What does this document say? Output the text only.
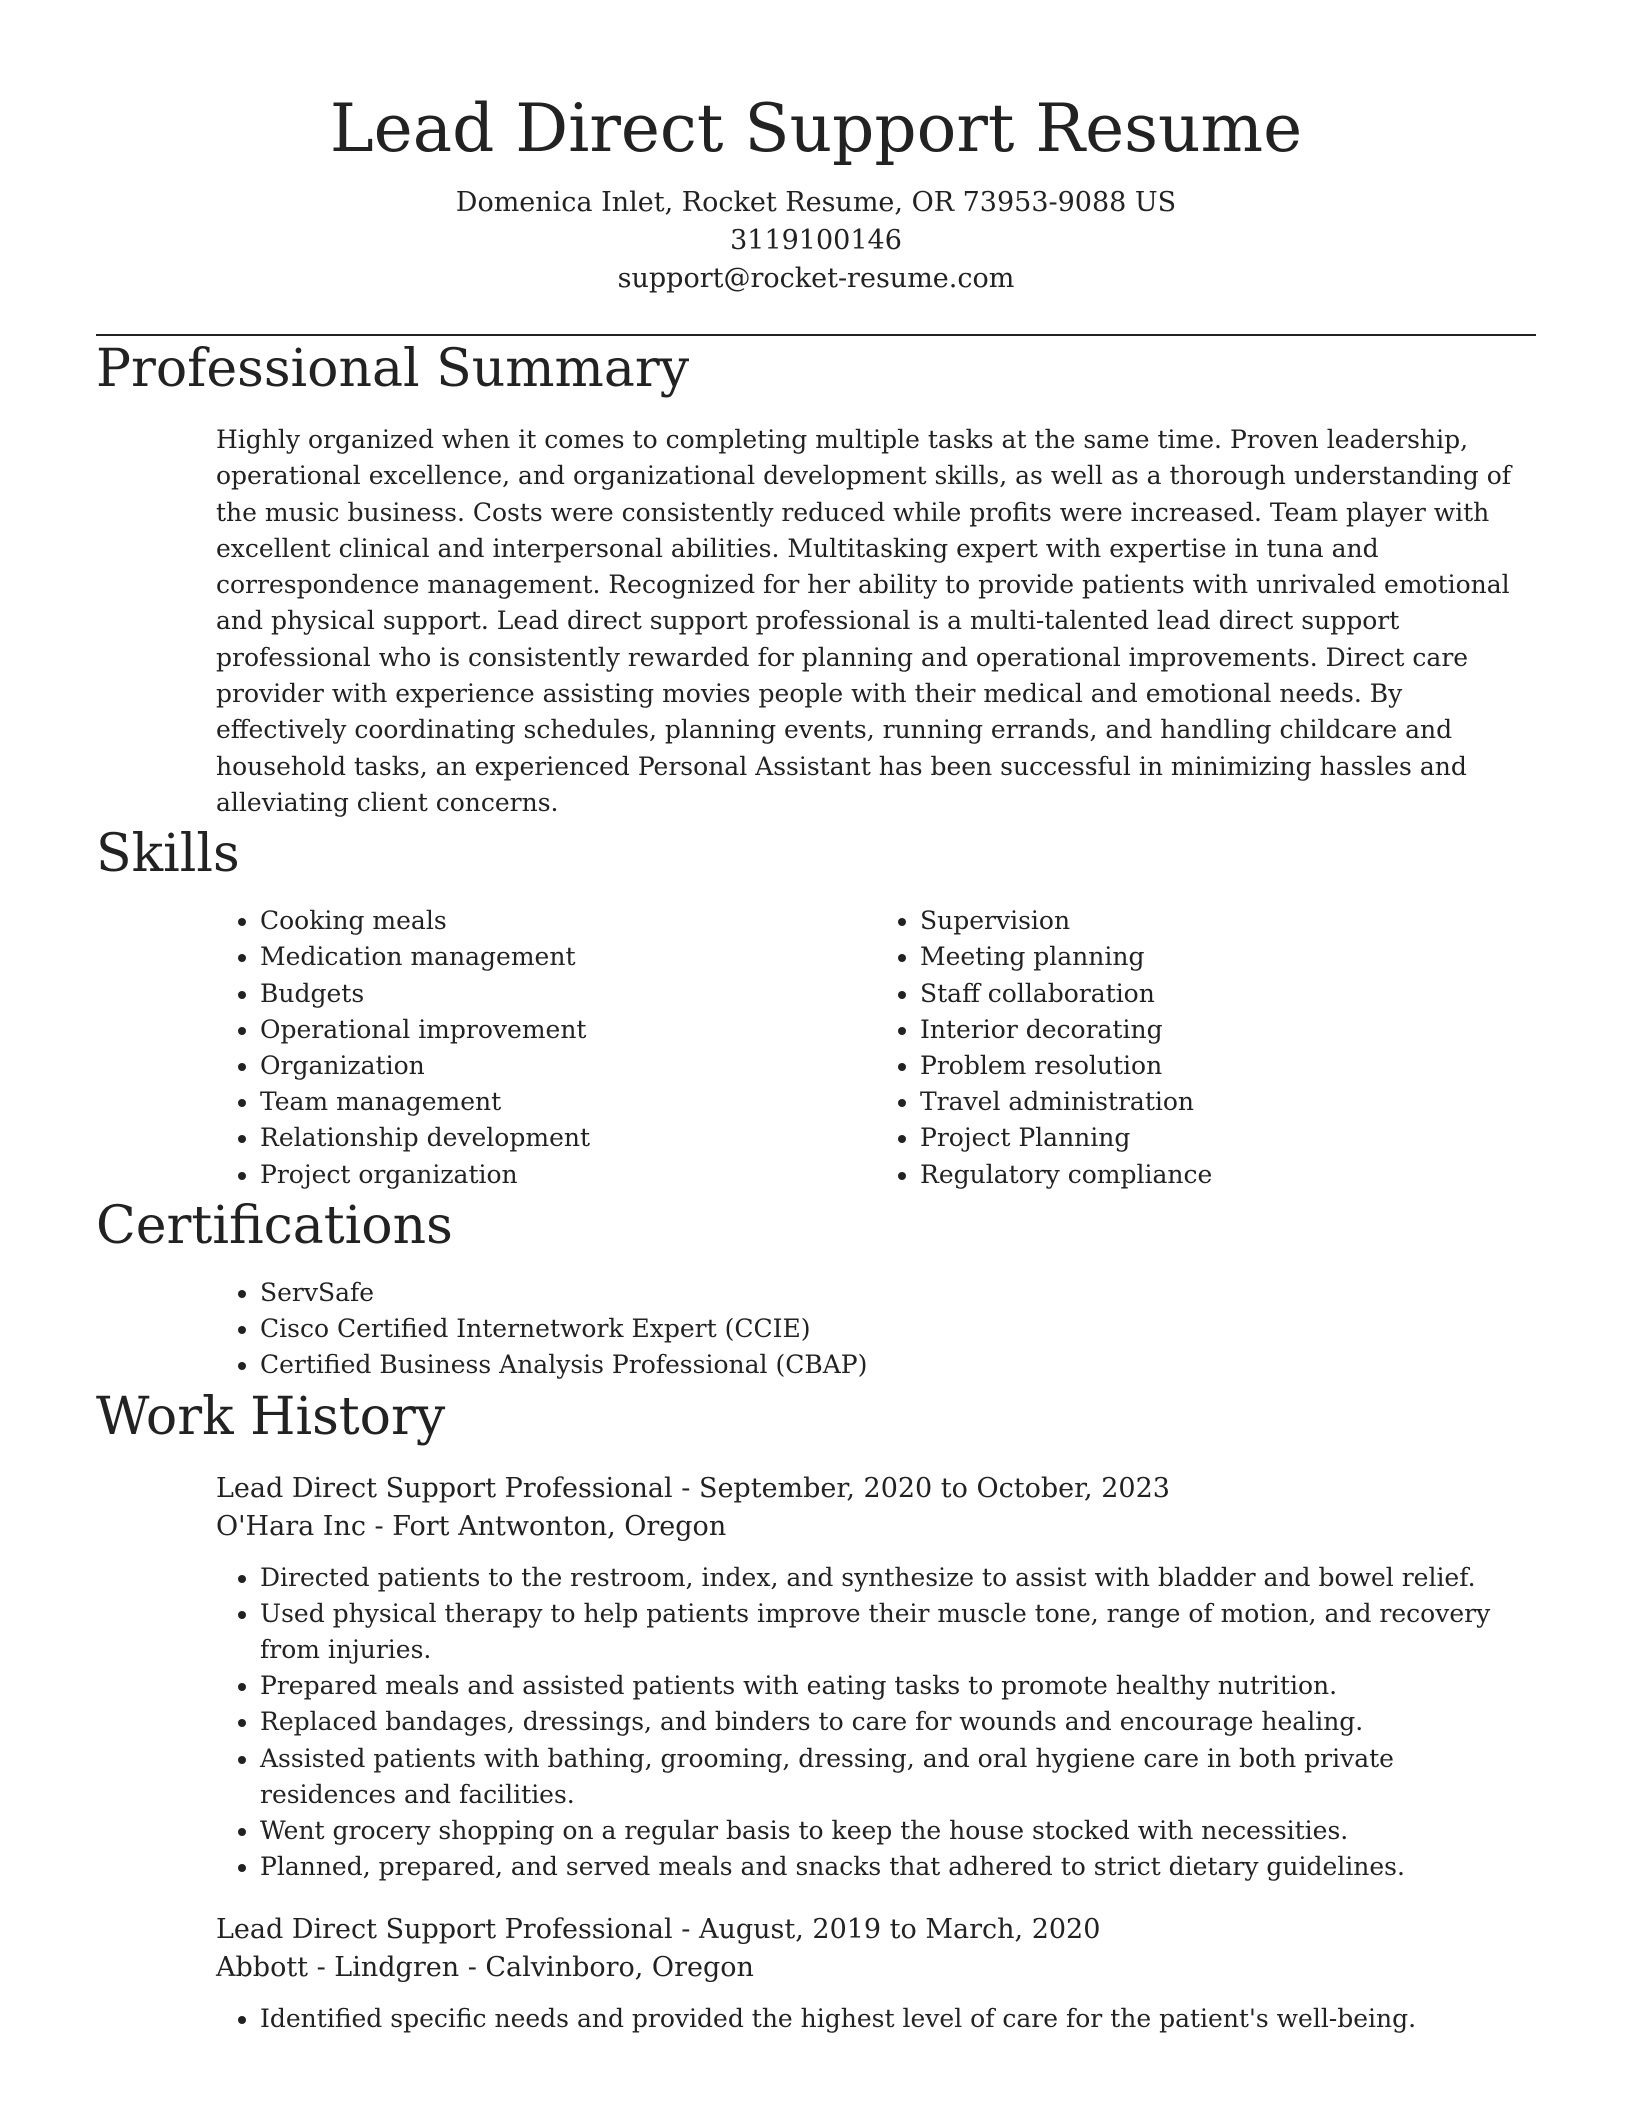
Lead Direct Support Resume
Domenica Inlet, Rocket Resume, OR 73953-9088 US
3119100146
support@rocket-resume.com
Professional Summary

Highly organized when it comes to completing multiple tasks at the same time. Proven leadership, operational excellence, and organizational development skills, as well as a thorough understanding of the music business. Costs were consistently reduced while profits were increased. Team player with excellent clinical and interpersonal abilities. Multitasking expert with expertise in tuna and correspondence management. Recognized for her ability to provide patients with unrivaled emotional and physical support. Lead direct support professional is a multi-talented lead direct support professional who is consistently rewarded for planning and operational improvements. Direct care provider with experience assisting movies people with their medical and emotional needs. By effectively coordinating schedules, planning events, running errands, and handling childcare and household tasks, an experienced Personal Assistant has been successful in minimizing hassles and alleviating client concerns.

Skills
• Cooking meals
• Medication management
• Budgets
• Operational improvement
• Organization
• Team management
• Relationship development
• Project organization
• Supervision
• Meeting planning
• Staff collaboration
• Interior decorating
• Problem resolution
• Travel administration
• Project Planning
• Regulatory compliance
Certifications
• ServSafe
• Cisco Certified Internetwork Expert (CCIE)
• Certified Business Analysis Professional (CBAP)
Work History
Lead Direct Support Professional - September, 2020 to October, 2023
O'Hara Inc - Fort Antwonton, Oregon
• Directed patients to the restroom, index, and synthesize to assist with bladder and bowel relief.
• Used physical therapy to help patients improve their muscle tone, range of motion, and recovery from injuries.
• Prepared meals and assisted patients with eating tasks to promote healthy nutrition.
• Replaced bandages, dressings, and binders to care for wounds and encourage healing.
• Assisted patients with bathing, grooming, dressing, and oral hygiene care in both private residences and facilities.
• Went grocery shopping on a regular basis to keep the house stocked with necessities.
• Planned, prepared, and served meals and snacks that adhered to strict dietary guidelines.
Lead Direct Support Professional - August, 2019 to March, 2020
Abbott - Lindgren - Calvinboro, Oregon
• Identified specific needs and provided the highest level of care for the patient's well-being.
